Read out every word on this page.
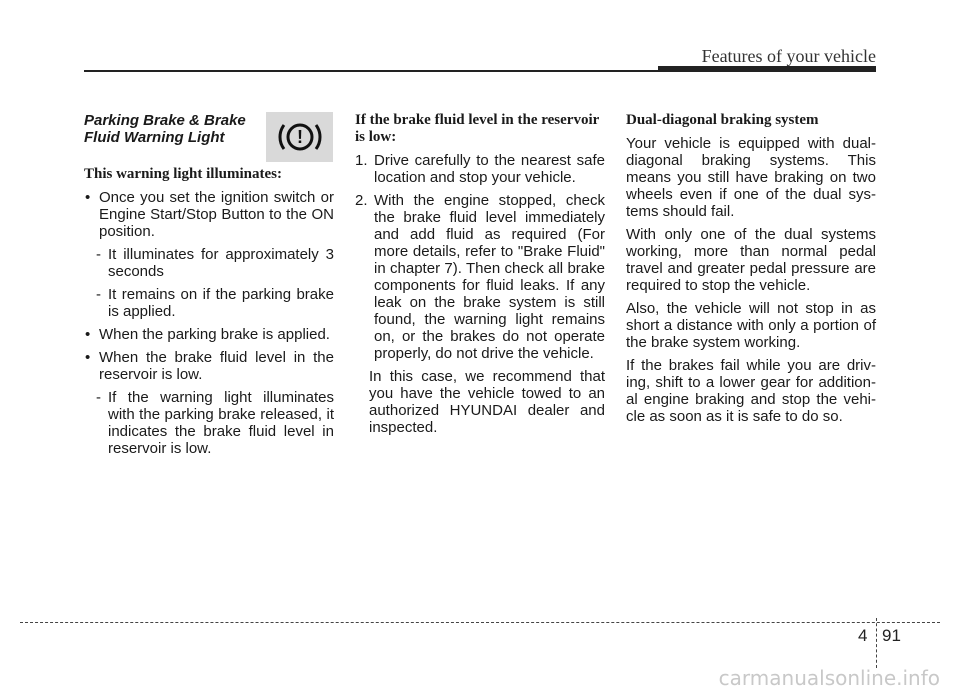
Features of your vehicle
Parking Brake & Brake Fluid Warning Light	!
This warning light illuminates:
• Once you set the ignition switch or Engine Start/Stop Button to the ON position.
- It illuminates for approximately 3 seconds
- It remains on if the parking brake is applied.
• When the parking brake is applied.
• When the brake fluid level in the reservoir is low.
- If the warning light illuminates with the parking brake released, it indicates the brake fluid level in reservoir is low.
If the brake fluid level in the reservoir is low:
1. Drive carefully to the nearest safe location and stop your vehicle.
2. With the engine stopped, check the brake fluid level immediately and add fluid as required (For more details, refer to "Brake Fluid" in chapter 7). Then check all brake components for fluid leaks. If any leak on the brake system is still found, the warning light remains on, or the brakes do not operate properly, do not drive the vehicle.

In this case, we recommend that you have the vehicle towed to an authorized HYUNDAI dealer and inspected.

Dual-diagonal braking system

Your vehicle is equipped with dual-diagonal braking systems. This means you still have braking on two wheels even if one of the dual sys-tems should fail.

With only one of the dual systems working, more than normal pedal travel and greater pedal pressure are required to stop the vehicle.

Also, the vehicle will not stop in as short a distance with only a portion of the brake system working.

If the brakes fail while you are driv-ing, shift to a lower gear for addition-al engine braking and stop the vehi-cle as soon as it is safe to do so.

4 91
carmanualsonline.info
